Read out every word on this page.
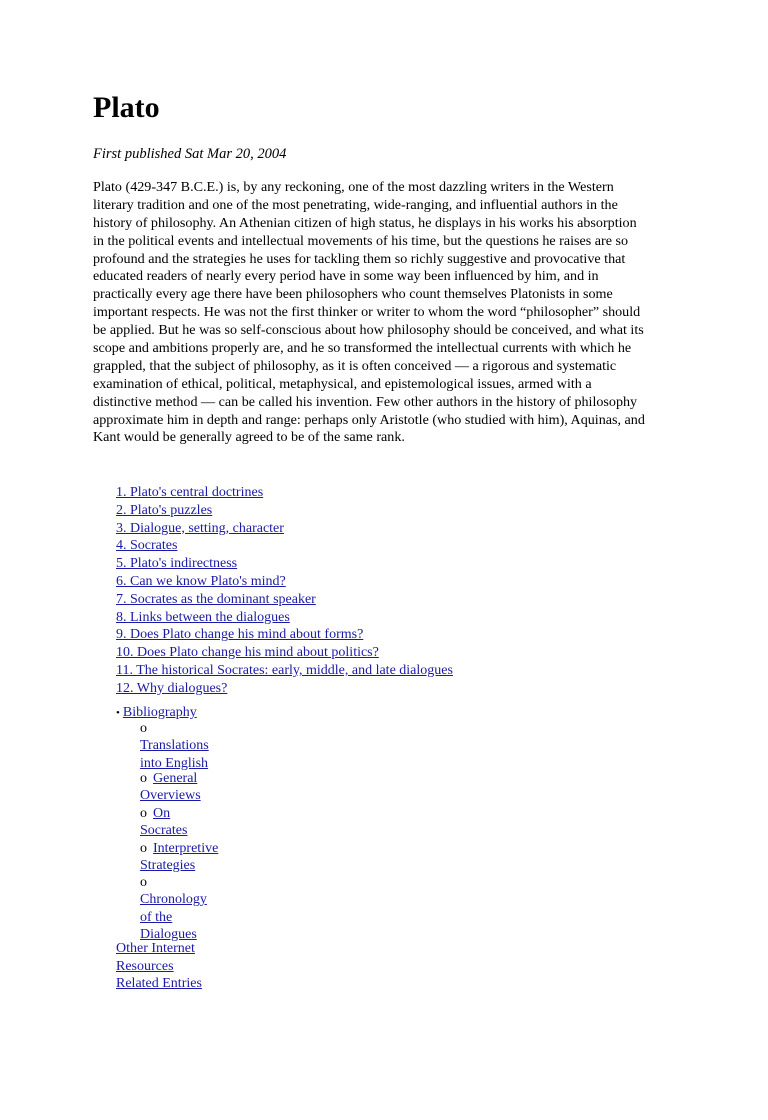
Plato

First published Sat Mar 20, 2004

Plato (429-347 B.C.E.) is, by any reckoning, one of the most dazzling writers in the Western
literary tradition and one of the most penetrating, wide-ranging, and influential authors in the
history of philosophy. An Athenian citizen of high status, he displays in his works his absorption
in the political events and intellectual movements of his time, but the questions he raises are so
profound and the strategies he uses for tackling them so richly suggestive and provocative that
educated readers of nearly every period have in some way been influenced by him, and in
practically every age there have been philosophers who count themselves Platonists in some
important respects. He was not the first thinker or writer to whom the word “philosopher” should
be applied. But he was so self-conscious about how philosophy should be conceived, and what its
scope and ambitions properly are, and he so transformed the intellectual currents with which he
grappled, that the subject of philosophy, as it is often conceived — a rigorous and systematic
examination of ethical, political, metaphysical, and epistemological issues, armed with a
distinctive method — can be called his invention. Few other authors in the history of philosophy
approximate him in depth and range: perhaps only Aristotle (who studied with him), Aquinas, and
Kant would be generally agreed to be of the same rank.
1. Plato's central doctrines
2. Plato's puzzles
3. Dialogue, setting, character
4. Socrates
5. Plato's indirectness
6. Can we know Plato's mind?
7. Socrates as the dominant speaker
8. Links between the dialogues
9. Does Plato change his mind about forms?
10. Does Plato change his mind about politics?
11. The historical Socrates: early, middle, and late dialogues
12. Why dialogues?
• Bibliography
o
Translations
into English
o General
Overviews
o On
Socrates
o Interpretive
Strategies
o
Chronology
of the
Dialogues
Other Internet
Resources
Related Entries
